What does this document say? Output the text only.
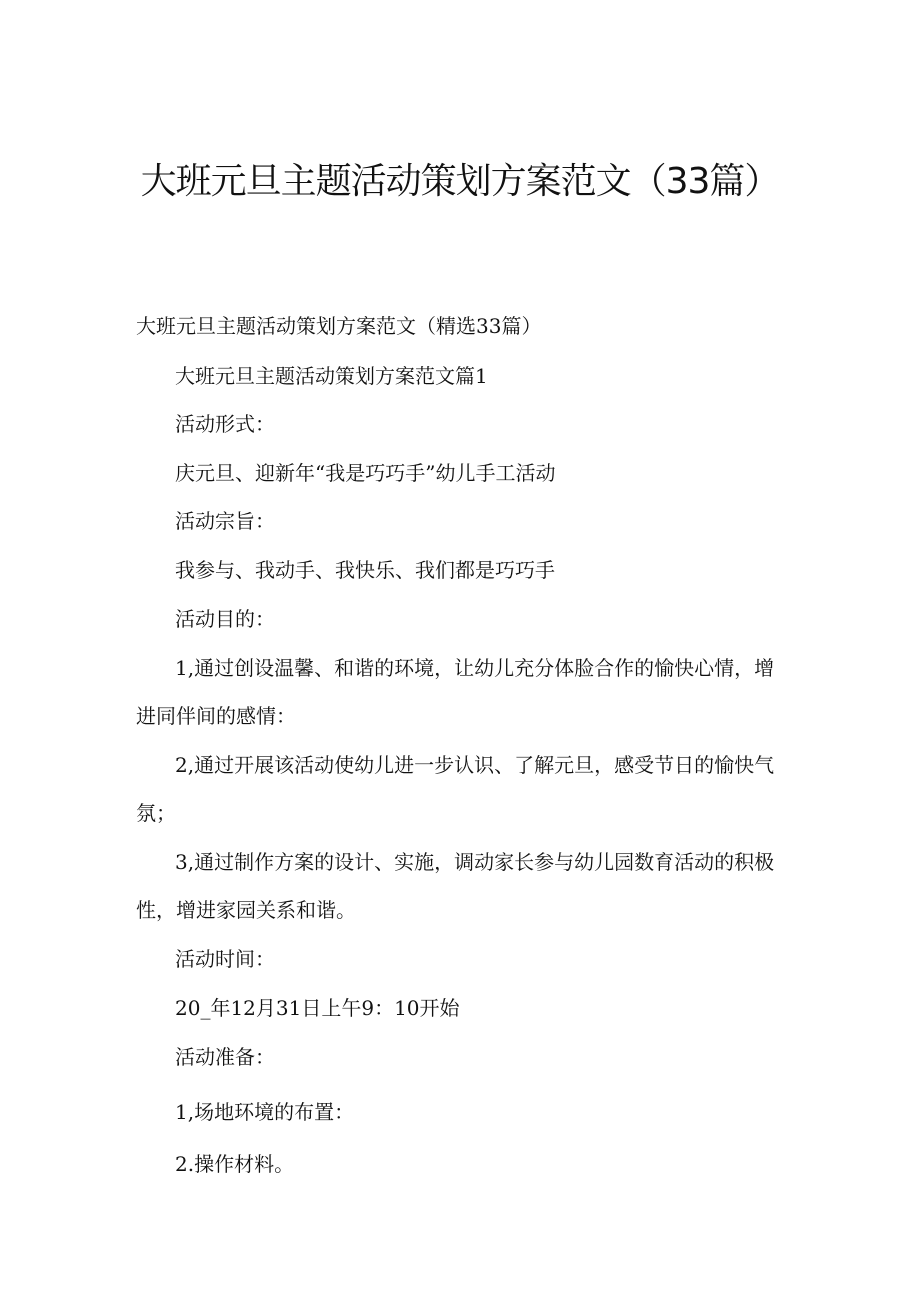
大班元旦主题活动策划方案范文（33篇）
大班元旦主题活动策划方案范文（精选33篇）
大班元旦主题活动策划方案范文篇1
活动形式：
庆元旦、迎新年“我是巧巧手”幼儿手工活动
活动宗旨：
我参与、我动手、我快乐、我们都是巧巧手
活动目的：
1,通过创设温馨、和谐的环境，让幼儿充分体脸合作的愉快心情，增
进同伴间的感情：
2,通过开展该活动使幼儿进一步认识、了解元旦，感受节日的愉快气
氛；
3,通过制作方案的设计、实施，调动家长参与幼儿园数育活动的积极
性，增进家园关系和谐。
活动时间：
20_年12月31日上午9：10开始
活动准备：
1,场地环境的布置：
2.操作材料。
